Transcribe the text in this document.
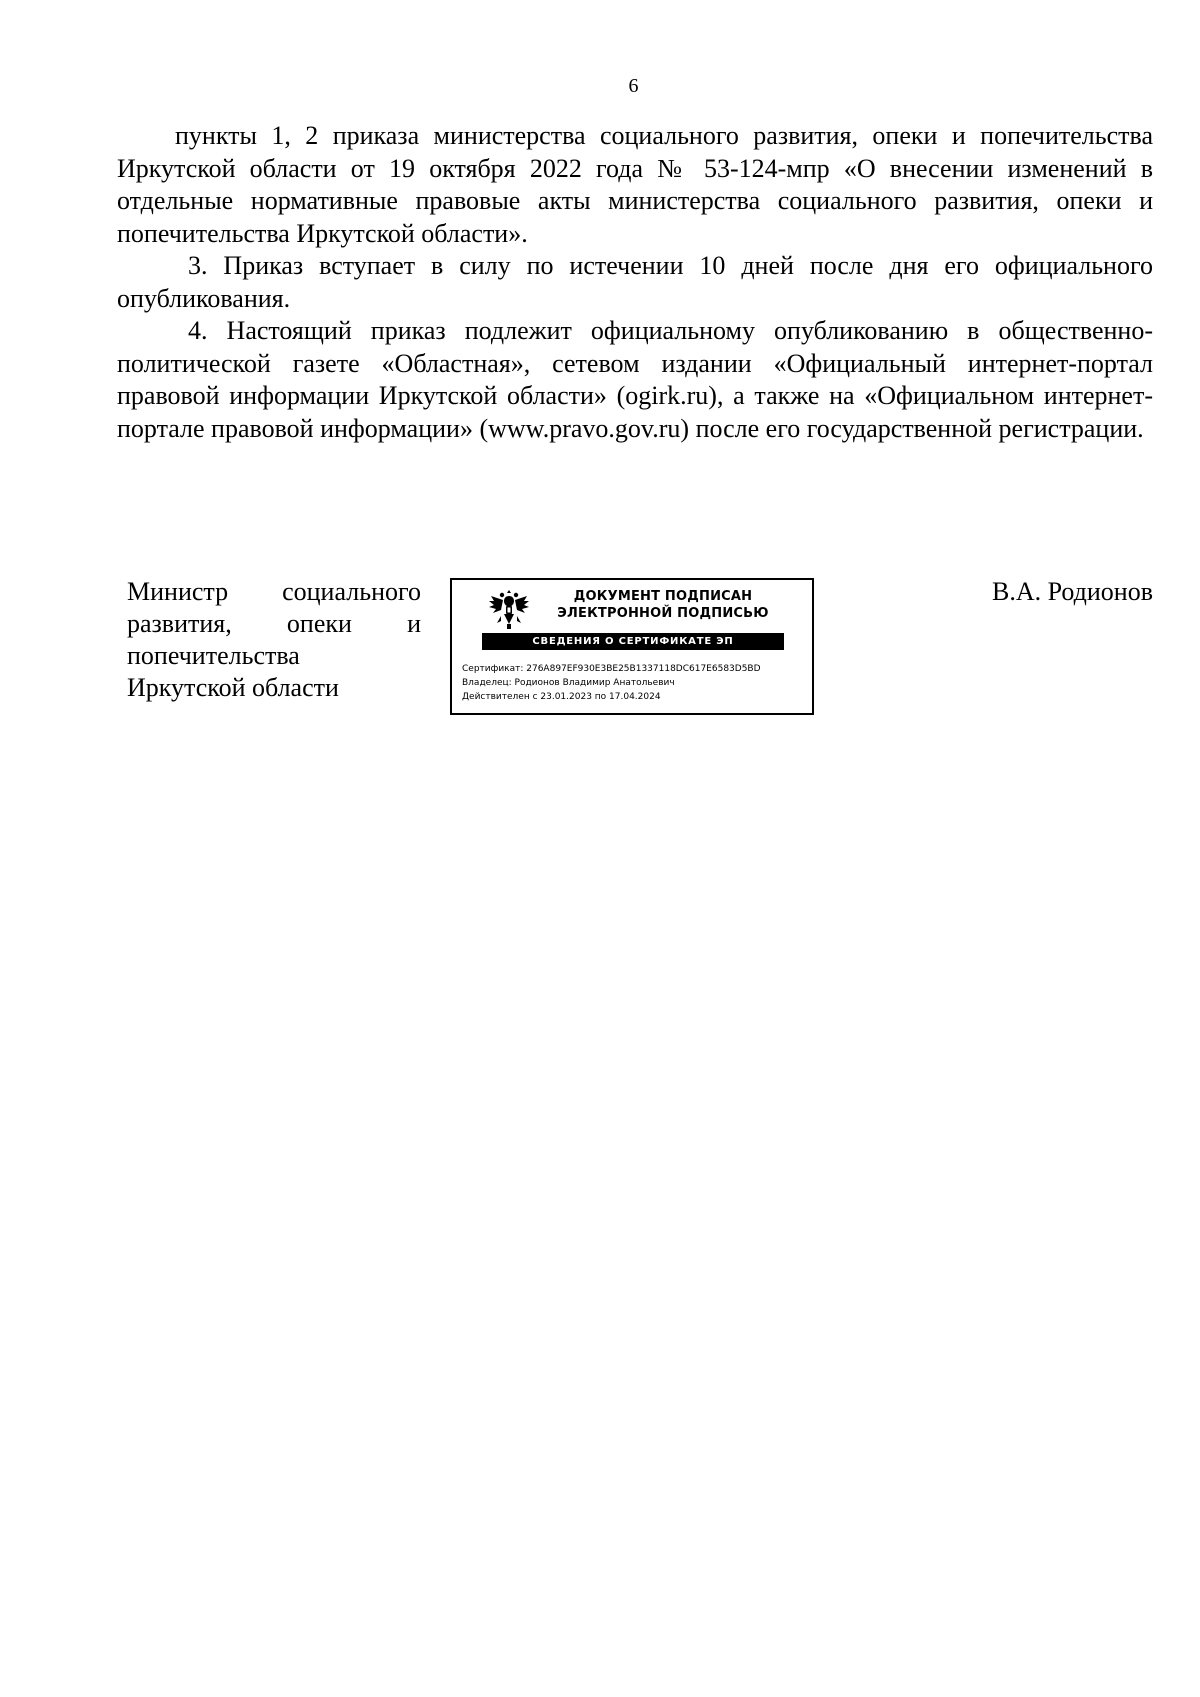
6

пункты 1, 2 приказа министерства социального развития, опеки и попечительства Иркутской области от 19 октября 2022 года № 53-124-мпр «О внесении изменений в отдельные нормативные правовые акты министерства социального развития, опеки и попечительства Иркутской области».

3. Приказ вступает в силу по истечении 10 дней после дня его официального опубликования.

4. Настоящий приказ подлежит официальному опубликованию в общественно-политической газете «Областная», сетевом издании «Официальный интернет-портал правовой информации Иркутской области» (ogirk.ru), а также на «Официальном интернет-портале правовой информации» (www.pravo.gov.ru) после его государственной регистрации.

Министр социального
развития, опеки и
попечительства
Иркутской области
ДОКУМЕНТ ПОДПИСАН
ЭЛЕКТРОННОЙ ПОДПИСЬЮ
СВЕДЕНИЯ О СЕРТИФИКАТЕ ЭП
Сертификат: 276A897EF930E3BE25B1337118DC617E6583D5BD
Владелец: Родионов Владимир Анатольевич
Действителен с 23.01.2023 по 17.04.2024
В.А. Родионов
